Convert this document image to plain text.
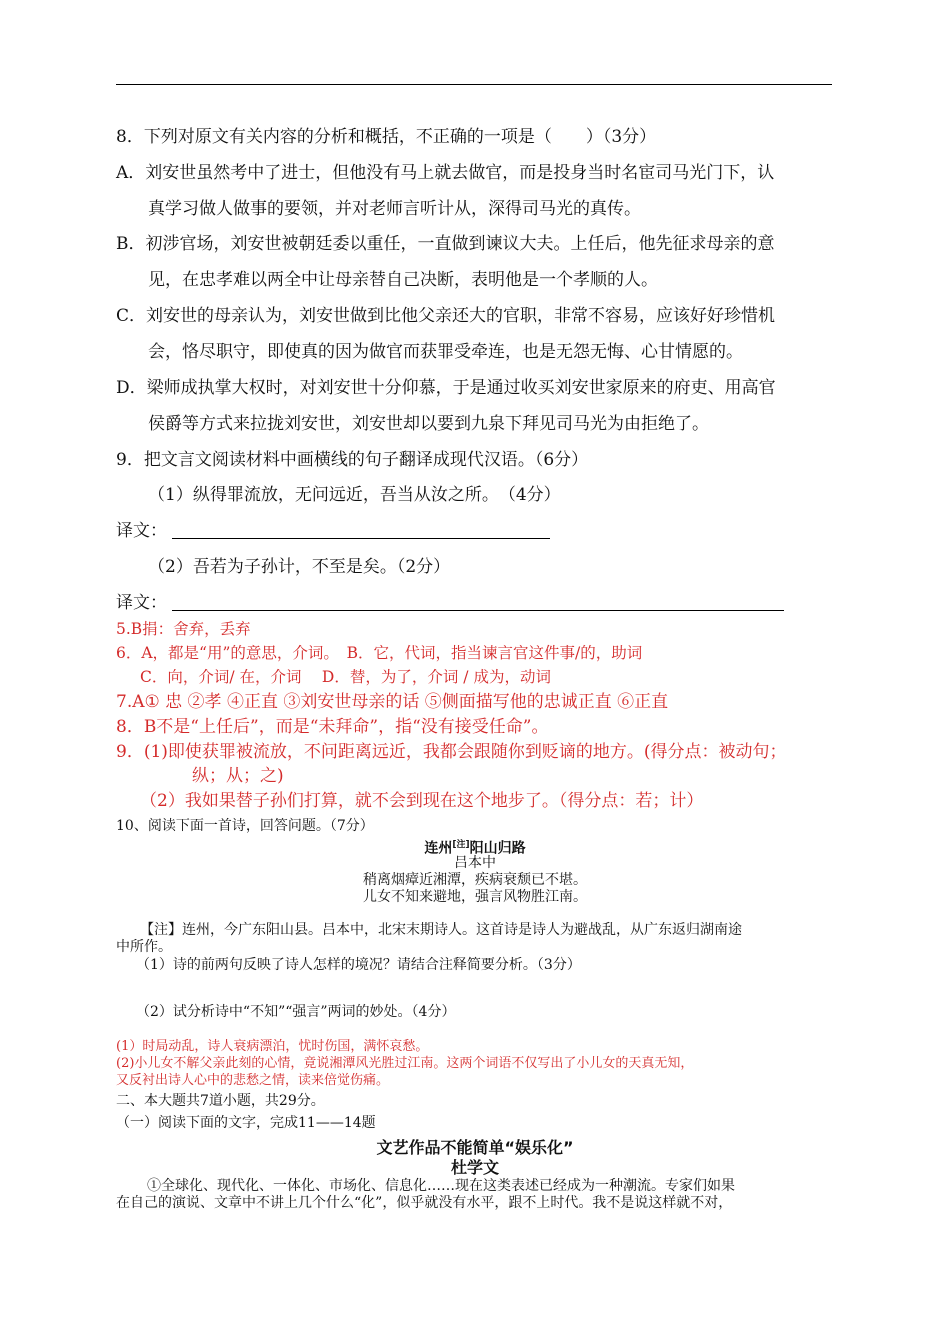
8．下列对原文有关内容的分析和概括，不正确的一项是（　　）（3分）
A．刘安世虽然考中了进士，但他没有马上就去做官，而是投身当时名宦司马光门下，认
真学习做人做事的要领，并对老师言听计从，深得司马光的真传。
B．初涉官场，刘安世被朝廷委以重任，一直做到谏议大夫。上任后，他先征求母亲的意
见，在忠孝难以两全中让母亲替自己决断，表明他是一个孝顺的人。
C．刘安世的母亲认为，刘安世做到比他父亲还大的官职，非常不容易，应该好好珍惜机
会，恪尽职守，即使真的因为做官而获罪受牵连，也是无怨无悔、心甘情愿的。
D．梁师成执掌大权时，对刘安世十分仰慕，于是通过收买刘安世家原来的府吏、用高官
侯爵等方式来拉拢刘安世，刘安世却以要到九泉下拜见司马光为由拒绝了。
9．把文言文阅读材料中画横线的句子翻译成现代汉语。（6分）
（1）纵得罪流放，无问远近，吾当从汝之所。　（4分）
译文：
（2）吾若为子孙计，不至是矣。（2分）
译文：
5.B捐：舍弃，丢弃
6．A，都是“用”的意思，介词。　B．它，代词，指当谏言官这件事/的，助词
C．向，介词/ 在，介词　 D．替，为了，介词 / 成为，动词
7.A① 忠 ②孝 ④正直 ③刘安世母亲的话 ⑤侧面描写他的忠诚正直 ⑥正直
8．B不是“上任后”，而是“未拜命”，指“没有接受任命”。
9．(1)即使获罪被流放，不问距离远近，我都会跟随你到贬谪的地方。(得分点：被动句；
纵；从；之)
（2）我如果替子孙们打算，就不会到现在这个地步了。（得分点：若；计）
10、阅读下面一首诗，回答问题。（7分）
连州[注]阳山归路
吕本中
稍离烟瘴近湘潭，疾病衰颓已不堪。
儿女不知来避地，强言风物胜江南。
【注】连州，今广东阳山县。吕本中，北宋末期诗人。这首诗是诗人为避战乱，从广东返归湖南途
中所作。
（1）诗的前两句反映了诗人怎样的境况？请结合注释简要分析。（3分）
（2）试分析诗中“不知”“强言”两词的妙处。（4分）
(1）时局动乱，诗人衰病漂泊，忧时伤国，满怀哀愁。
(2)小儿女不解父亲此刻的心情，竟说湘潭风光胜过江南。这两个词语不仅写出了小儿女的天真无知，
又反衬出诗人心中的悲愁之情，读来倍觉伤痛。
二、本大题共7道小题，共29分。
（一）阅读下面的文字，完成11——14题
文艺作品不能简单“娱乐化”
杜学文
①全球化、现代化、一体化、市场化、信息化……现在这类表述已经成为一种潮流。专家们如果
在自己的演说、文章中不讲上几个什么“化”，似乎就没有水平，跟不上时代。我不是说这样就不对，
